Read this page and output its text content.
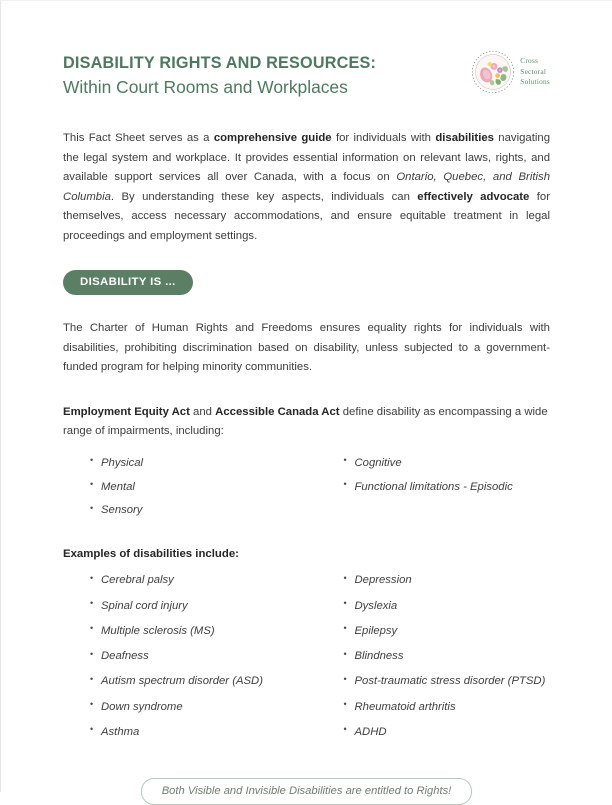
DISABILITY RIGHTS AND RESOURCES:
Within Court Rooms and Workplaces
Cross
Sectoral
Solutions

This Fact Sheet serves as a comprehensive guide for individuals with disabilities navigating the legal system and workplace. It provides essential information on relevant laws, rights, and available support services all over Canada, with a focus on Ontario, Quebec, and British Columbia. By understanding these key aspects, individuals can effectively advocate for themselves, access necessary accommodations, and ensure equitable treatment in legal proceedings and employment settings.

DISABILITY IS ...

The Charter of Human Rights and Freedoms ensures equality rights for individuals with disabilities, prohibiting discrimination based on disability, unless subjected to a government-funded program for helping minority communities.

Employment Equity Act and Accessible Canada Act define disability as encompassing a wide range of impairments, including:

• Physical
• Mental
• Sensory
• Cognitive
• Functional limitations - Episodic
Examples of disabilities include:
• Cerebral palsy
• Spinal cord injury
• Multiple sclerosis (MS)
• Deafness
• Autism spectrum disorder (ASD)
• Down syndrome
• Asthma
• Depression
• Dyslexia
• Epilepsy
• Blindness
• Post-traumatic stress disorder (PTSD)
• Rheumatoid arthritis
• ADHD
Both Visible and Invisible Disabilities are entitled to Rights!
